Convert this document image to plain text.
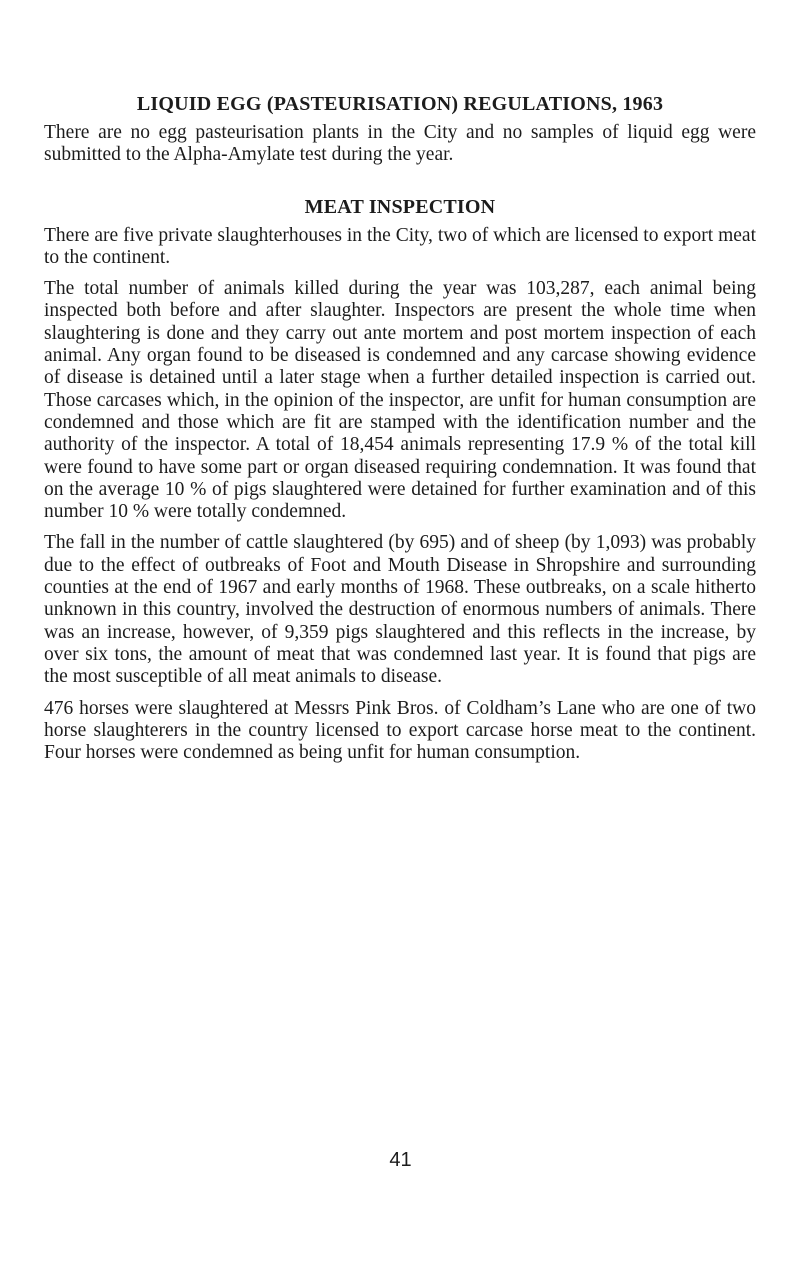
LIQUID EGG (PASTEURISATION) REGULATIONS, 1963

There are no egg pasteurisation plants in the City and no samples of liquid egg were submitted to the Alpha-Amylate test during the year.

MEAT INSPECTION

There are five private slaughterhouses in the City, two of which are licensed to export meat to the continent.

The total number of animals killed during the year was 103,287, each animal being inspected both before and after slaughter. Inspectors are present the whole time when slaughtering is done and they carry out ante mortem and post mortem inspection of each animal. Any organ found to be diseased is condemned and any carcase showing evidence of disease is detained until a later stage when a further detailed inspection is carried out. Those carcases which, in the opinion of the inspector, are unfit for human consumption are condemned and those which are fit are stamped with the identification number and the authority of the inspector. A total of 18,454 animals representing 17.9 % of the total kill were found to have some part or organ diseased requiring condemnation. It was found that on the average 10 % of pigs slaughtered were detained for further examination and of this number 10 % were totally condemned.

The fall in the number of cattle slaughtered (by 695) and of sheep (by 1,093) was probably due to the effect of outbreaks of Foot and Mouth Disease in Shropshire and surrounding counties at the end of 1967 and early months of 1968. These outbreaks, on a scale hitherto unknown in this country, involved the destruction of enormous numbers of animals. There was an increase, however, of 9,359 pigs slaughtered and this reflects in the increase, by over six tons, the amount of meat that was condemned last year. It is found that pigs are the most susceptible of all meat animals to disease.

476 horses were slaughtered at Messrs Pink Bros. of Coldham’s Lane who are one of two horse slaughterers in the country licensed to export carcase horse meat to the continent. Four horses were condemned as being unfit for human consumption.

41
